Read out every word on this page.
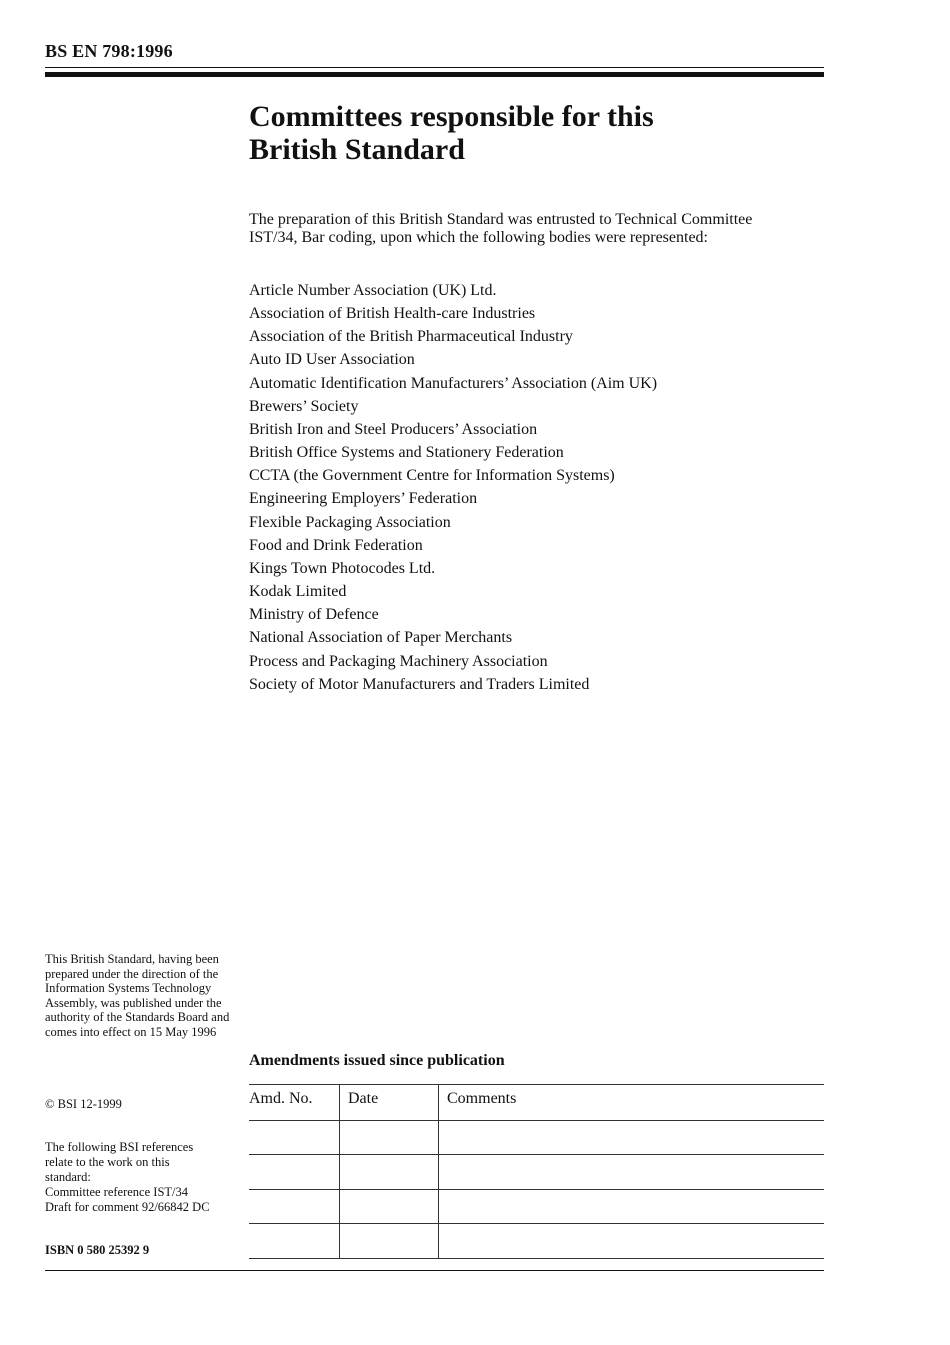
BS EN 798:1996
Committees responsible for this
British Standard

The preparation of this British Standard was entrusted to Technical Committee IST/34, Bar coding, upon which the following bodies were represented:

Article Number Association (UK) Ltd.
Association of British Health-care Industries
Association of the British Pharmaceutical Industry
Auto ID User Association
Automatic Identification Manufacturers’ Association (Aim UK)
Brewers’ Society
British Iron and Steel Producers’ Association
British Office Systems and Stationery Federation
CCTA (the Government Centre for Information Systems)
Engineering Employers’ Federation
Flexible Packaging Association
Food and Drink Federation
Kings Town Photocodes Ltd.
Kodak Limited
Ministry of Defence
National Association of Paper Merchants
Process and Packaging Machinery Association
Society of Motor Manufacturers and Traders Limited

This British Standard, having been prepared under the direction of the Information Systems Technology Assembly, was published under the authority of the Standards Board and comes into effect on 15 May 1996

© BSI 12-1999

The following BSI references
relate to the work on this
standard:
Committee reference IST/34
Draft for comment 92/66842 DC

ISBN 0 580 25392 9

Amendments issued since publication
Amd. No.	Date	Comments
